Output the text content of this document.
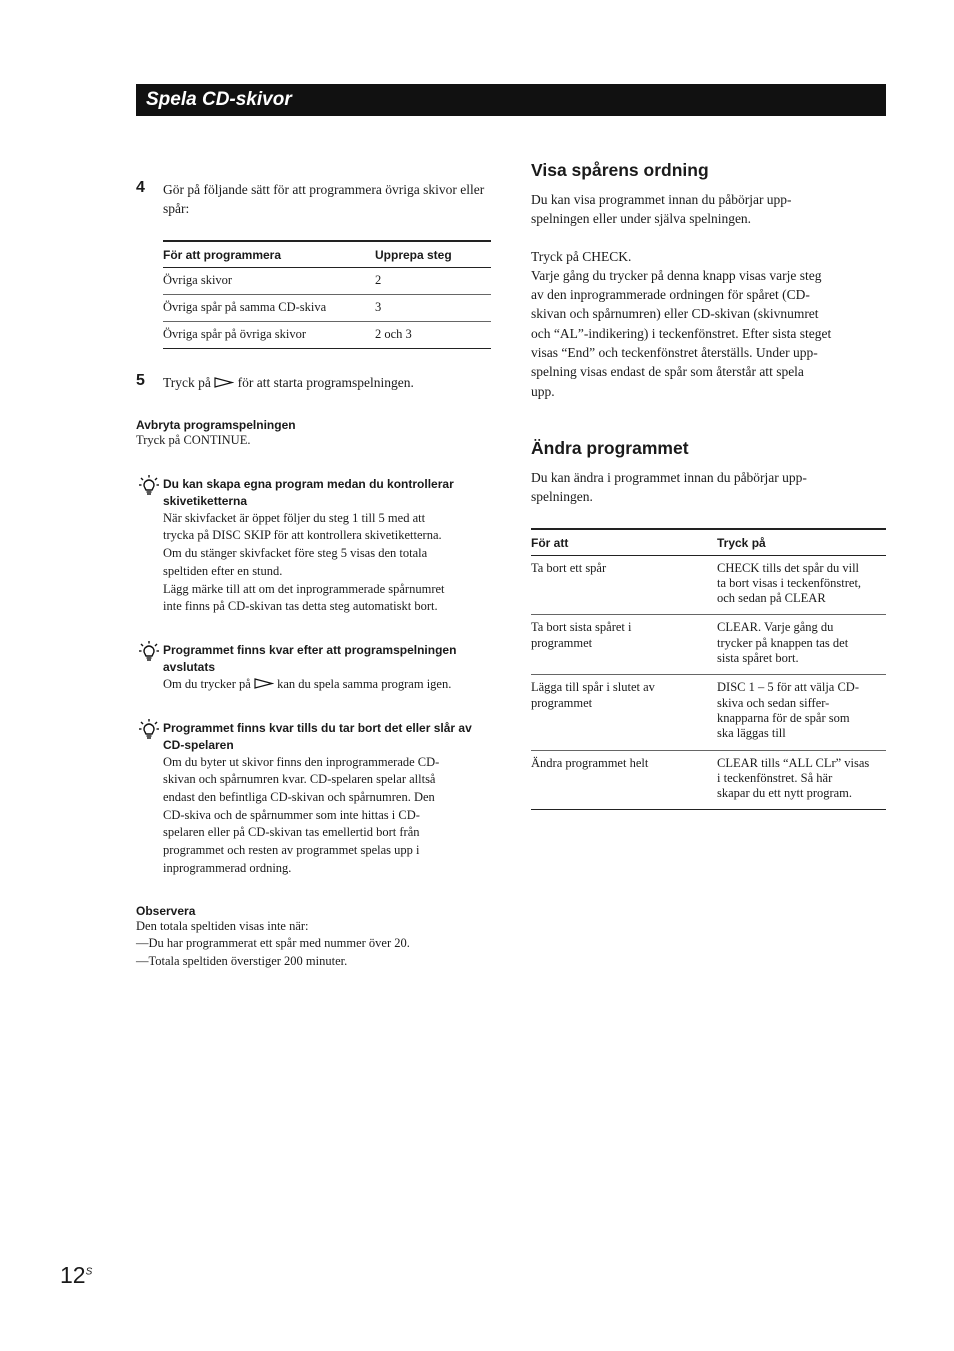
Spela CD-skivor
4 Gör på följande sätt för att programmera övriga skivor eller spår:
För att programmera	Upprepa steg
Övriga skivor	2
Övriga spår på samma CD-skiva	3
Övriga spår på övriga skivor	2 och 3
5 Tryck på  för att starta programspelningen.
Avbryta programspelningen
Tryck på CONTINUE.
Du kan skapa egna program medan du kontrollerar skivetiketterna
När skivfacket är öppet följer du steg 1 till 5 med att
trycka på DISC SKIP för att kontrollera skivetiketterna.
Om du stänger skivfacket före steg 5 visas den totala
speltiden efter en stund.
Lägg märke till att om det inprogrammerade spårnumret
inte finns på CD-skivan tas detta steg automatiskt bort.
Programmet finns kvar efter att programspelningen avslutats
Om du trycker på  kan du spela samma program igen.
Programmet finns kvar tills du tar bort det eller slår av CD-spelaren
Om du byter ut skivor finns den inprogrammerade CD-
skivan och spårnumren kvar. CD-spelaren spelar alltså
endast den befintliga CD-skivan och spårnumren. Den
CD-skiva och de spårnummer som inte hittas i CD-
spelaren eller på CD-skivan tas emellertid bort från
programmet och resten av programmet spelas upp i
inprogrammerad ordning.
Observera
Den totala speltiden visas inte när:
—Du har programmerat ett spår med nummer över 20.
—Totala speltiden överstiger 200 minuter.
Visa spårens ordning
Du kan visa programmet innan du påbörjar upp-
spelningen eller under själva spelningen.
Tryck på CHECK.
Varje gång du trycker på denna knapp visas varje steg
av den inprogrammerade ordningen för spåret (CD-
skivan och spårnumren) eller CD-skivan (skivnumret
och “AL”-indikering) i teckenfönstret. Efter sista steget
visas “End” och teckenfönstret återställs. Under upp-
spelning visas endast de spår som återstår att spela
upp.
Ändra programmet
Du kan ändra i programmet innan du påbörjar upp-
spelningen.
För att	Tryck på
Ta bort ett spår	CHECK tills det spår du vill
ta bort visas i teckenfönstret,
och sedan på CLEAR
Ta bort sista spåret i
programmet	CLEAR. Varje gång du
trycker på knappen tas det
sista spåret bort.
Lägga till spår i slutet av
programmet	DISC 1 – 5 för att välja CD-
skiva och sedan siffer-
knapparna för de spår som
ska läggas till
Ändra programmet helt	CLEAR tills “ALL CLr” visas
i teckenfönstret. Så här
skapar du ett nytt program.
$12^S$
